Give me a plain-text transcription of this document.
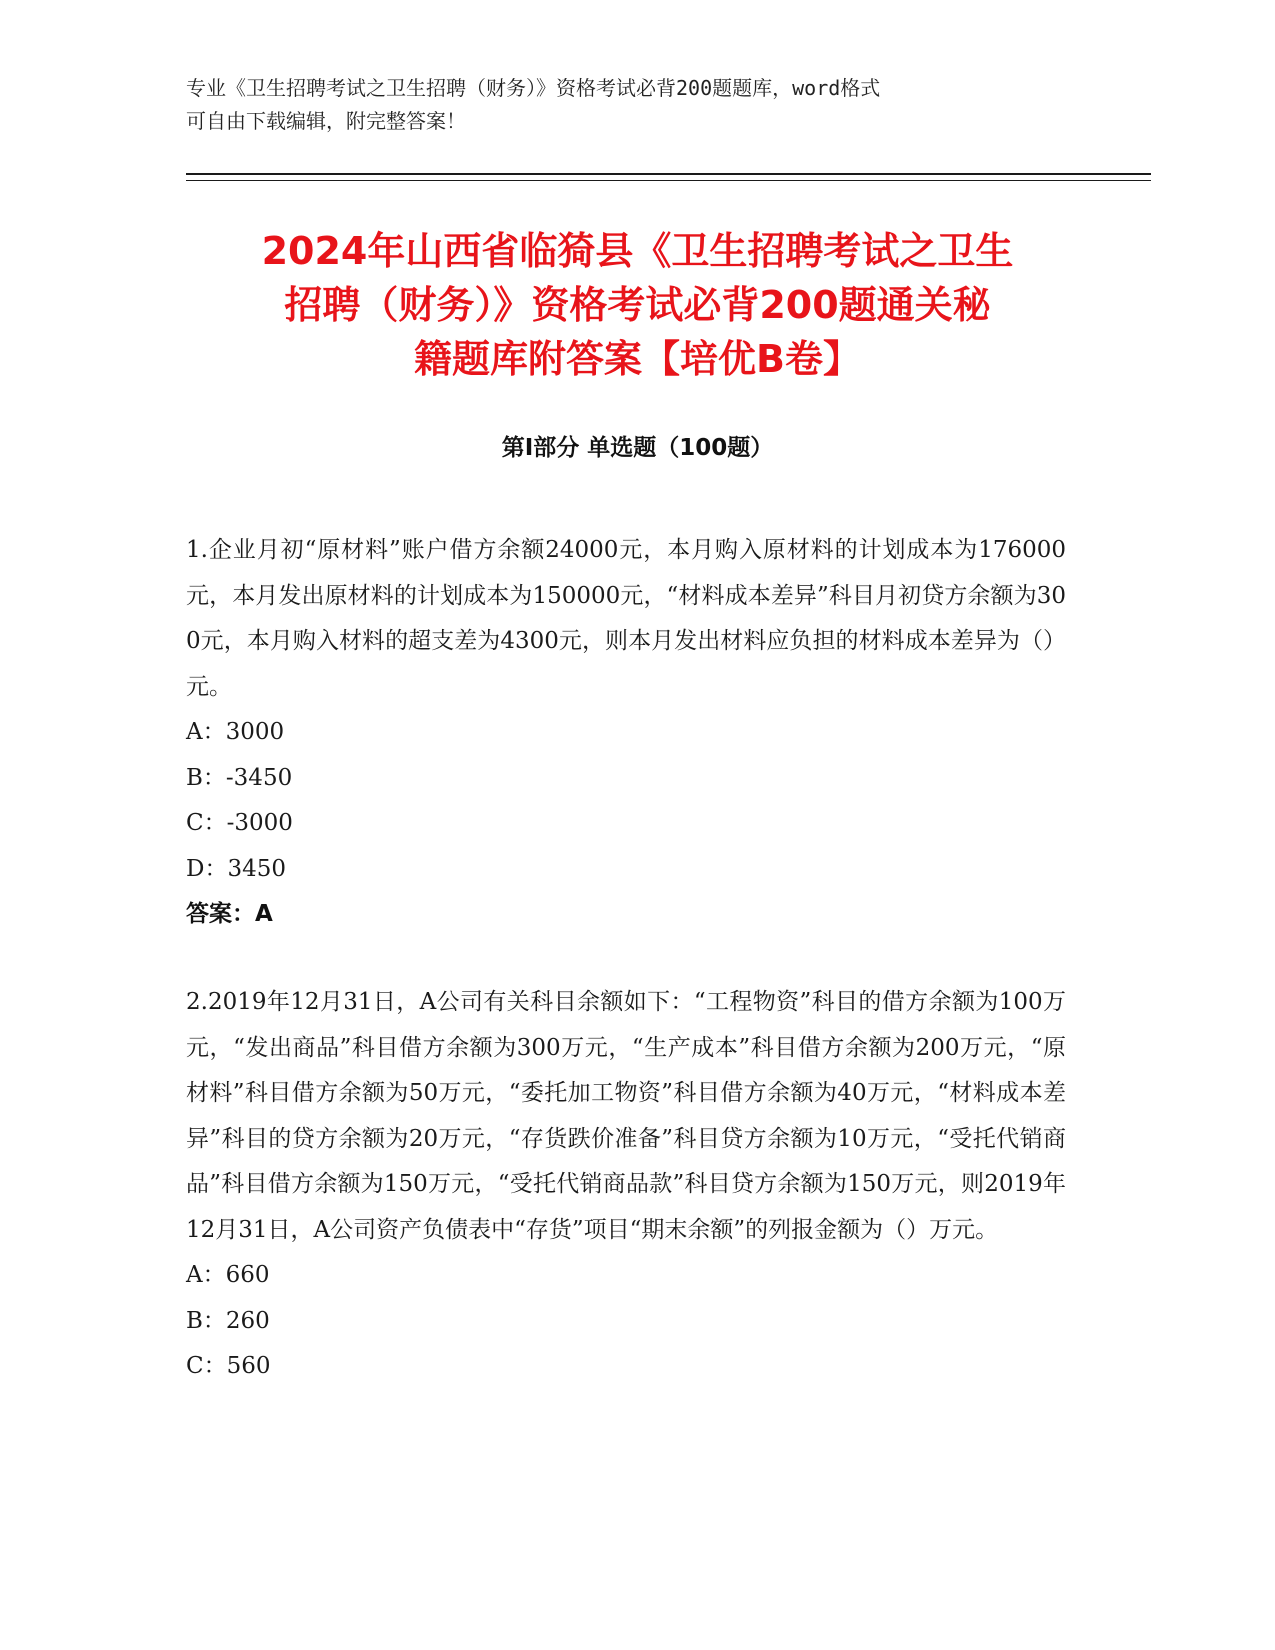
专业《卫生招聘考试之卫生招聘（财务）》资格考试必背200题题库，word格式
可自由下载编辑，附完整答案！
2024年山西省临猗县《卫生招聘考试之卫生
招聘（财务）》资格考试必背200题通关秘
籍题库附答案【培优B卷】
第I部分 单选题（100题）
1.企业月初“原材料”账户借方余额24000元，本月购入原材料的计划成本为176000元，本月发出原材料的计划成本为150000元，“材料成本差异”科目月初贷方余额为300元，本月购入材料的超支差为4300元，则本月发出材料应负担的材料成本差异为（）元。
A：3000
B：-3450
C：-3000
D：3450
答案：A
2.2019年12月31日，A公司有关科目余额如下：“工程物资”科目的借方余额为100万元，“发出商品”科目借方余额为300万元，“生产成本”科目借方余额为200万元，“原材料”科目借方余额为50万元，“委托加工物资”科目借方余额为40万元，“材料成本差异”科目的贷方余额为20万元，“存货跌价准备”科目贷方余额为10万元，“受托代销商品”科目借方余额为150万元，“受托代销商品款”科目贷方余额为150万元，则2019年12月31日，A公司资产负债表中“存货”项目“期末余额”的列报金额为（）万元。
A：660
B：260
C：560
